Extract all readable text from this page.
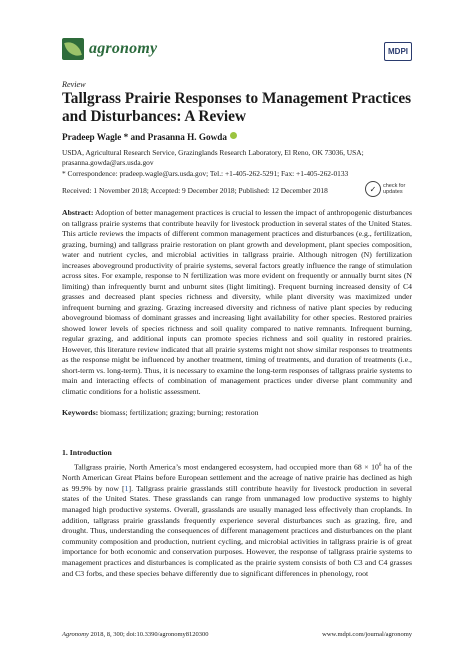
agronomy	MDPI
Review
Tallgrass Prairie Responses to Management Practices and Disturbances: A Review
Pradeep Wagle * and Prasanna H. Gowda
USDA, Agricultural Research Service, Grazinglands Research Laboratory, El Reno, OK 73036, USA; prasanna.gowda@ars.usda.gov
* Correspondence: pradeep.wagle@ars.usda.gov; Tel.: +1-405-262-5291; Fax: +1-405-262-0133
Received: 1 November 2018; Accepted: 9 December 2018; Published: 12 December 2018	✓	check for updates
Abstract: Adoption of better management practices is crucial to lessen the impact of anthropogenic disturbances on tallgrass prairie systems that contribute heavily for livestock production in several states of the United States. This article reviews the impacts of different common management practices and disturbances (e.g., fertilization, grazing, burning) and tallgrass prairie restoration on plant growth and development, plant species composition, water and nutrient cycles, and microbial activities in tallgrass prairie. Although nitrogen (N) fertilization increases aboveground productivity of prairie systems, several factors greatly influence the range of stimulation across sites. For example, response to N fertilization was more evident on frequently or annually burnt sites (N limiting) than infrequently burnt and unburnt sites (light limiting). Frequent burning increased density of C4 grasses and decreased plant species richness and diversity, while plant diversity was maximized under infrequent burning and grazing. Grazing increased diversity and richness of native plant species by reducing aboveground biomass of dominant grasses and increasing light availability for other species. Restored prairies showed lower levels of species richness and soil quality compared to native remnants. Infrequent burning, regular grazing, and additional inputs can promote species richness and soil quality in restored prairies. However, this literature review indicated that all prairie systems might not show similar responses to treatments as the response might be influenced by another treatment, timing of treatments, and duration of treatments (i.e., short-term vs. long-term). Thus, it is necessary to examine the long-term responses of tallgrass prairie systems to main and interacting effects of combination of management practices under diverse plant community and climatic conditions for a holistic assessment.
Keywords: biomass; fertilization; grazing; burning; restoration
1. Introduction

Tallgrass prairie, North America’s most endangered ecosystem, had occupied more than $68 \times 10^6$ ha of the North American Great Plains before European settlement and the acreage of native prairie has declined as high as 99.9% by now [1]. Tallgrass prairie grasslands still contribute heavily for livestock production in several states of the United States. These grasslands can range from unmanaged low productive systems to highly managed high productive systems. Overall, grasslands are usually managed less effectively than croplands. In addition, tallgrass prairie grasslands frequently experience several disturbances such as grazing, fire, and drought. Thus, understanding the consequences of different management practices and disturbances on the plant community composition and production, nutrient cycling, and microbial activities in tallgrass prairie is of great importance for both economic and conservation purposes. However, the response of tallgrass prairie systems to management practices and disturbances is complicated as the prairie system consists of both C3 and C4 grasses and C3 forbs, and these species behave differently due to significant differences in phenology, root

Agronomy 2018, 8, 300; doi:10.3390/agronomy8120300	www.mdpi.com/journal/agronomy
